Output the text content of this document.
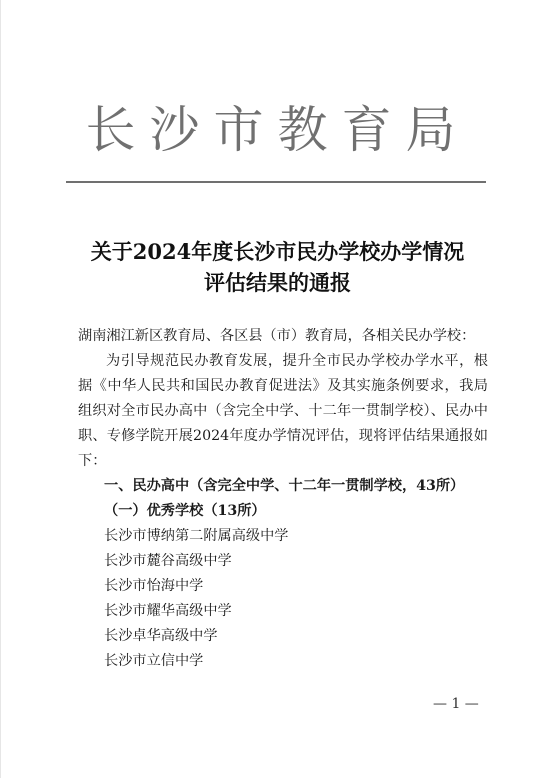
长沙市教育局
关于2024年度长沙市民办学校办学情况
评估结果的通报
湖南湘江新区教育局、各区县（市）教育局，各相关民办学校：
为引导规范民办教育发展，提升全市民办学校办学水平，根据《中华人民共和国民办教育促进法》及其实施条例要求，我局组织对全市民办高中（含完全中学、十二年一贯制学校）、民办中职、专修学院开展2024年度办学情况评估，现将评估结果通报如下：
一、民办高中（含完全中学、十二年一贯制学校，43所）
（一）优秀学校（13所）
长沙市博纳第二附属高级中学
长沙市麓谷高级中学
长沙市怡海中学
长沙市耀华高级中学
长沙卓华高级中学
长沙市立信中学
— 1 —
